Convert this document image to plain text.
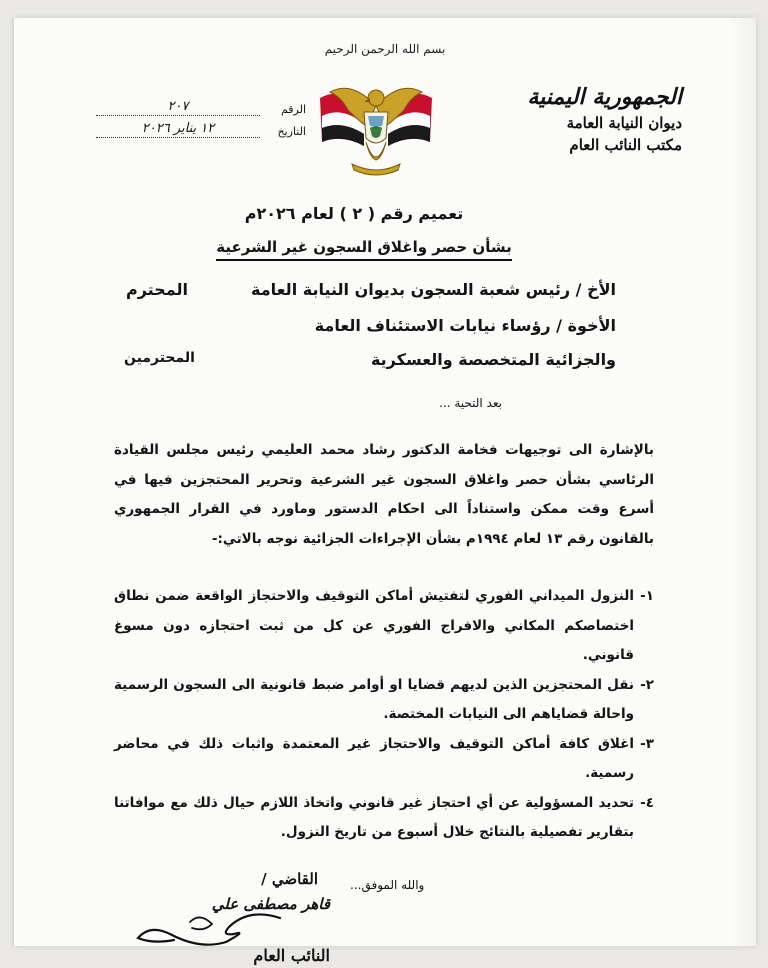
بسم الله الرحمن الرحيم
الجمهورية اليمنية
ديوان النيابة العامة
مكتب النائب العام
الرقم
٢٠٧
التاريخ
١٢ يناير ٢٠٢٦
تعميم رقم ( ٢ ) لعام ٢٠٢٦م
بشأن حصر واغلاق السجون غير الشرعية
الأخ / رئيس شعبة السجون بديوان النيابة العامة
المحترم
الأخوة / رؤساء نيابات الاستئناف العامة
والجزائية المتخصصة والعسكرية
المحترمين
بعد التحية ...

بالإشارة الى توجيهات فخامة الدكتور رشاد محمد العليمي رئيس مجلس القيادة الرئاسي بشأن حصر واغلاق السجون غير الشرعية وتحرير المحتجزين فيها في أسرع وقت ممكن واستناداً الى احكام الدستور وماورد في القرار الجمهوري بالقانون رقم ١٣ لعام ١٩٩٤م بشأن الإجراءات الجزائية نوجه بالاتي:-

١-
النزول الميداني الفوري لتفتيش أماكن التوقيف والاحتجاز الواقعة ضمن نطاق اختصاصكم المكاني والافراج الفوري عن كل من ثبت احتجازه دون مسوغ قانوني.
٢-
نقل المحتجزين الذين لديهم قضايا او أوامر ضبط قانونية الى السجون الرسمية واحالة قضاياهم الى النيابات المختصة.
٣-
اغلاق كافة أماكن التوقيف والاحتجاز غير المعتمدة واثبات ذلك في محاضر رسمية.
٤-
تحديد المسؤولية عن أي احتجاز غير قانوني واتخاذ اللازم حيال ذلك مع موافاتنا بتقارير تفصيلية بالنتائج خلال أسبوع من تاريخ النزول.
والله الموفق...
القاضي /
قاهر مصطفى علي
النائب العام
